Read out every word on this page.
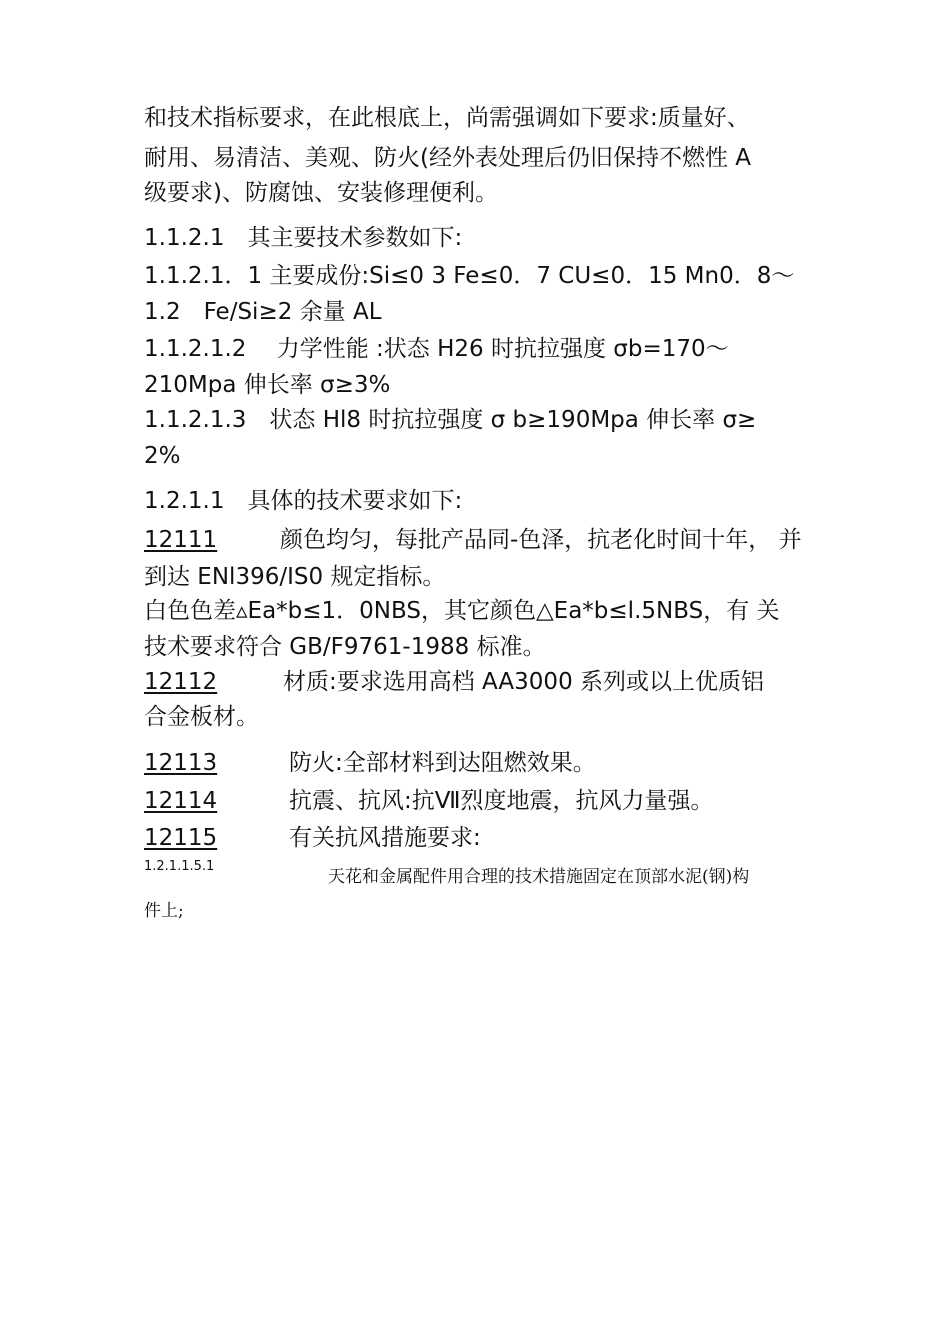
和技术指标要求，在此根底上，尚需强调如下要求:质量好、
耐用、易清洁、美观、防火(经外表处理后仍旧保持不燃性 A
级要求)、防腐蚀、安装修理便利。
1.1.2.1　其主要技术参数如下:
1.1.2.1．1 主要成份:Si≤0 3 Fe≤0．7 CU≤0．15 Mn0．8～
1.2　Fe/Si≥2 余量 AL
1.1.2.1.2　 力学性能 :状态 H26 时抗拉强度 σb=170～
210Mpa 伸长率 σ≥3%
1.1.2.1.3　状态 Hl8 时抗拉强度 σ b≥190Mpa 伸长率 σ≥
2%
1.2.1.1　具体的技术要求如下:
12111	颜色均匀，每批产品同-色泽，抗老化时间十年， 并
到达 ENl396/IS0 规定指标。
白色色差▵Ea*b≤1．0NBS，其它颜色△Ea*b≤l.5NBS，有 关
技术要求符合 GB/F9761-1988 标准。
12112	材质:要求选用高档 AA3000 系列或以上优质铝
合金板材。
12113	防火:全部材料到达阻燃效果。
12114	抗震、抗风:抗Ⅶ烈度地震，抗风力量强。
12115	有关抗风措施要求:
1.2.1.1.5.1
天花和金属配件用合理的技术措施固定在顶部水泥(钢)构
件上;
